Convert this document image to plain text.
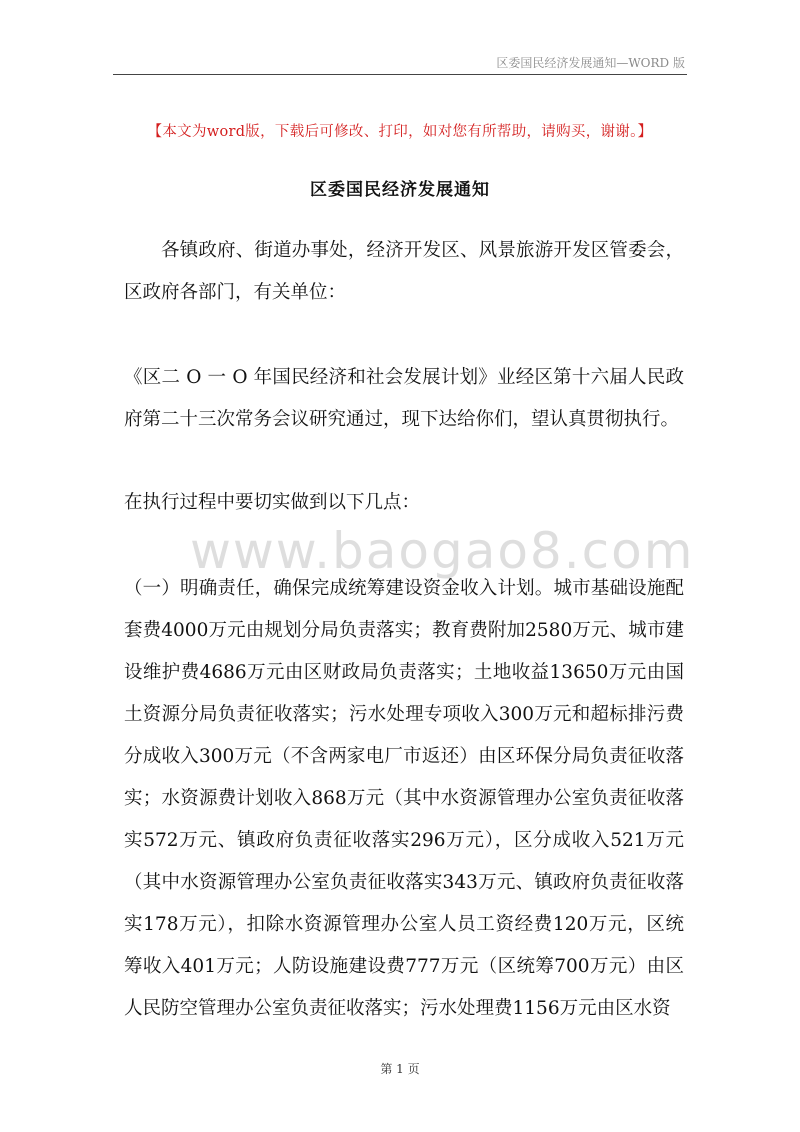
区委国民经济发展通知—WORD 版
【本文为word版，下载后可修改、打印，如对您有所帮助，请购买，谢谢。】
区委国民经济发展通知

各镇政府、街道办事处，经济开发区、风景旅游开发区管委会，区政府各部门，有关单位：

《区二 O 一 O 年国民经济和社会发展计划》业经区第十六届人民政府第二十三次常务会议研究通过，现下达给你们，望认真贯彻执行。

在执行过程中要切实做到以下几点：

www.baogao8.com

（一）明确责任，确保完成统筹建设资金收入计划。城市基础设施配套费4000万元由规划分局负责落实；教育费附加2580万元、城市建设维护费4686万元由区财政局负责落实；土地收益13650万元由国土资源分局负责征收落实；污水处理专项收入300万元和超标排污费分成收入300万元（不含两家电厂市返还）由区环保分局负责征收落实；水资源费计划收入868万元（其中水资源管理办公室负责征收落实572万元、镇政府负责征收落实296万元），区分成收入521万元（其中水资源管理办公室负责征收落实343万元、镇政府负责征收落实178万元），扣除水资源管理办公室人员工资经费120万元，区统筹收入401万元；人防设施建设费777万元（区统筹700万元）由区人民防空管理办公室负责征收落实；污水处理费1156万元由区水资

第 1 页
